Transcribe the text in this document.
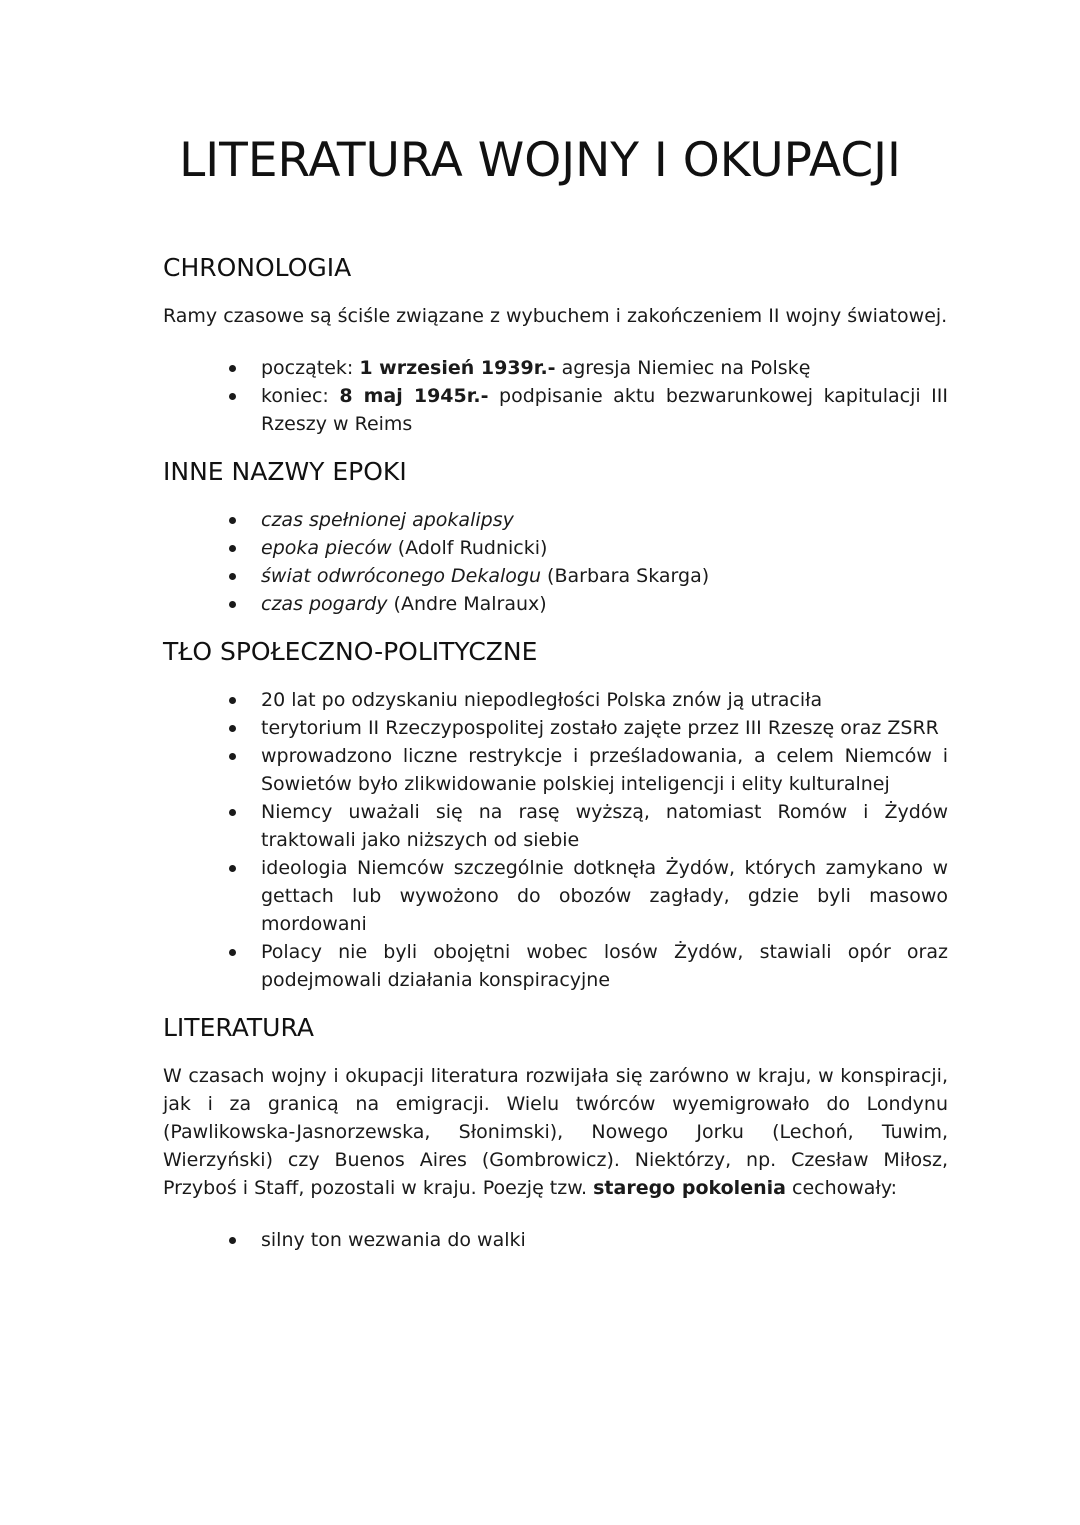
LITERATURA WOJNY I OKUPACJI
CHRONOLOGIA

Ramy czasowe są ściśle związane z wybuchem i zakończeniem II wojny światowej.

początek: 1 wrzesień 1939r.- agresja Niemiec na Polskę
koniec: 8 maj 1945r.- podpisanie aktu bezwarunkowej kapitulacji III Rzeszy w Reims
INNE NAZWY EPOKI
czas spełnionej apokalipsy
epoka pieców (Adolf Rudnicki)
świat odwróconego Dekalogu (Barbara Skarga)
czas pogardy (Andre Malraux)
TŁO SPOŁECZNO-POLITYCZNE
20 lat po odzyskaniu niepodległości Polska znów ją utraciła
terytorium II Rzeczypospolitej zostało zajęte przez III Rzeszę oraz ZSRR
wprowadzono liczne restrykcje i prześladowania, a celem Niemców i Sowietów było zlikwidowanie polskiej inteligencji i elity kulturalnej
Niemcy uważali się na rasę wyższą, natomiast Romów i Żydów traktowali jako niższych od siebie
ideologia Niemców szczególnie dotknęła Żydów, których zamykano w gettach lub wywożono do obozów zagłady, gdzie byli masowo mordowani
Polacy nie byli obojętni wobec losów Żydów, stawiali opór oraz podejmowali działania konspiracyjne
LITERATURA

W czasach wojny i okupacji literatura rozwijała się zarówno w kraju, w konspiracji, jak i za granicą na emigracji. Wielu twórców wyemigrowało do Londynu (Pawlikowska-Jasnorzewska, Słonimski), Nowego Jorku (Lechoń, Tuwim, Wierzyński) czy Buenos Aires (Gombrowicz). Niektórzy, np. Czesław Miłosz, Przyboś i Staff, pozostali w kraju. Poezję tzw. starego pokolenia cechowały:

silny ton wezwania do walki
